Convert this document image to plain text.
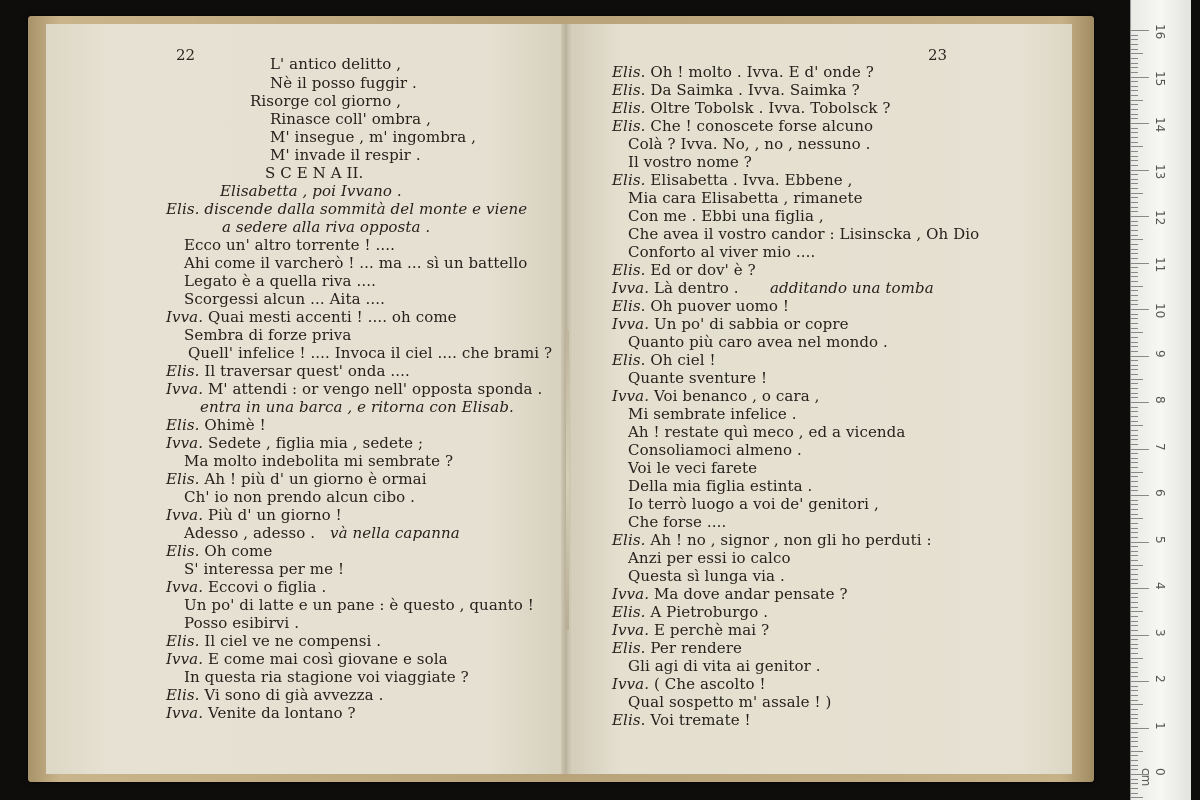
22	23
L' antico delitto ,
Nè il posso fuggir .
Risorge col giorno ,
Rinasce coll' ombra ,
M' insegue , m' ingombra ,
M' invade il respir .
S C E N A II.
Elisabetta , poi Ivvano .
Elis. discende dalla sommità del monte e viene
a sedere alla riva opposta .
Ecco un' altro torrente ! ....
Ahi come il varcherò ! ... ma ... sì un battello
Legato è a quella riva ....
Scorgessi alcun ... Aita ....
Ivva. Quai mesti accenti ! .... oh come
Sembra di forze priva
Quell' infelice ! .... Invoca il ciel .... che brami ?
Elis. Il traversar quest' onda ....
Ivva. M' attendi : or vengo nell' opposta sponda .
entra in una barca , e ritorna con Elisab.
Elis. Ohimè !
Ivva. Sedete , figlia mia , sedete ;
Ma molto indebolita mi sembrate ?
Elis. Ah ! più d' un giorno è ormai
Ch' io non prendo alcun cibo .
Ivva. Più d' un giorno !
Adesso , adesso . và nella capanna
Elis. Oh come
S' interessa per me !
Ivva. Eccovi o figlia .
Un po' di latte e un pane : è questo , quanto !
Posso esibirvi .
Elis. Il ciel ve ne compensi .
Ivva. E come mai così giovane e sola
In questa ria stagione voi viaggiate ?
Elis. Vi sono di già avvezza .
Ivva. Venite da lontano ?
Elis. Oh ! molto . Ivva. E d' onde ?
Elis. Da Saimka . Ivva. Saimka ?
Elis. Oltre Tobolsk . Ivva. Tobolsck ?
Elis. Che ! conoscete forse alcuno
Colà ? Ivva. No, , no , nessuno .
Il vostro nome ?
Elis. Elisabetta . Ivva. Ebbene ,
Mia cara Elisabetta , rimanete
Con me . Ebbi una figlia ,
Che avea il vostro candor : Lisinscka , Oh Dio
Conforto al viver mio ....
Elis. Ed or dov' è ?
Ivva. Là dentro . additando una tomba
Elis. Oh puover uomo !
Ivva. Un po' di sabbia or copre
Quanto più caro avea nel mondo .
Elis. Oh ciel !
Quante sventure !
Ivva. Voi benanco , o cara ,
Mi sembrate infelice .
Ah ! restate quì meco , ed a vicenda
Consoliamoci almeno .
Voi le veci farete
Della mia figlia estinta .
Io terrò luogo a voi de' genitori ,
Che forse ....
Elis. Ah ! no , signor , non gli ho perduti :
Anzi per essi io calco
Questa sì lunga via .
Ivva. Ma dove andar pensate ?
Elis. A Pietroburgo .
Ivva. E perchè mai ?
Elis. Per rendere
Gli agi di vita ai genitor .
Ivva. ( Che ascolto !
Qual sospetto m' assale ! )
Elis. Voi tremate !
16
15
14
13
12
11
10
9
8
7
6
5
4
3
2
1
0 cm
